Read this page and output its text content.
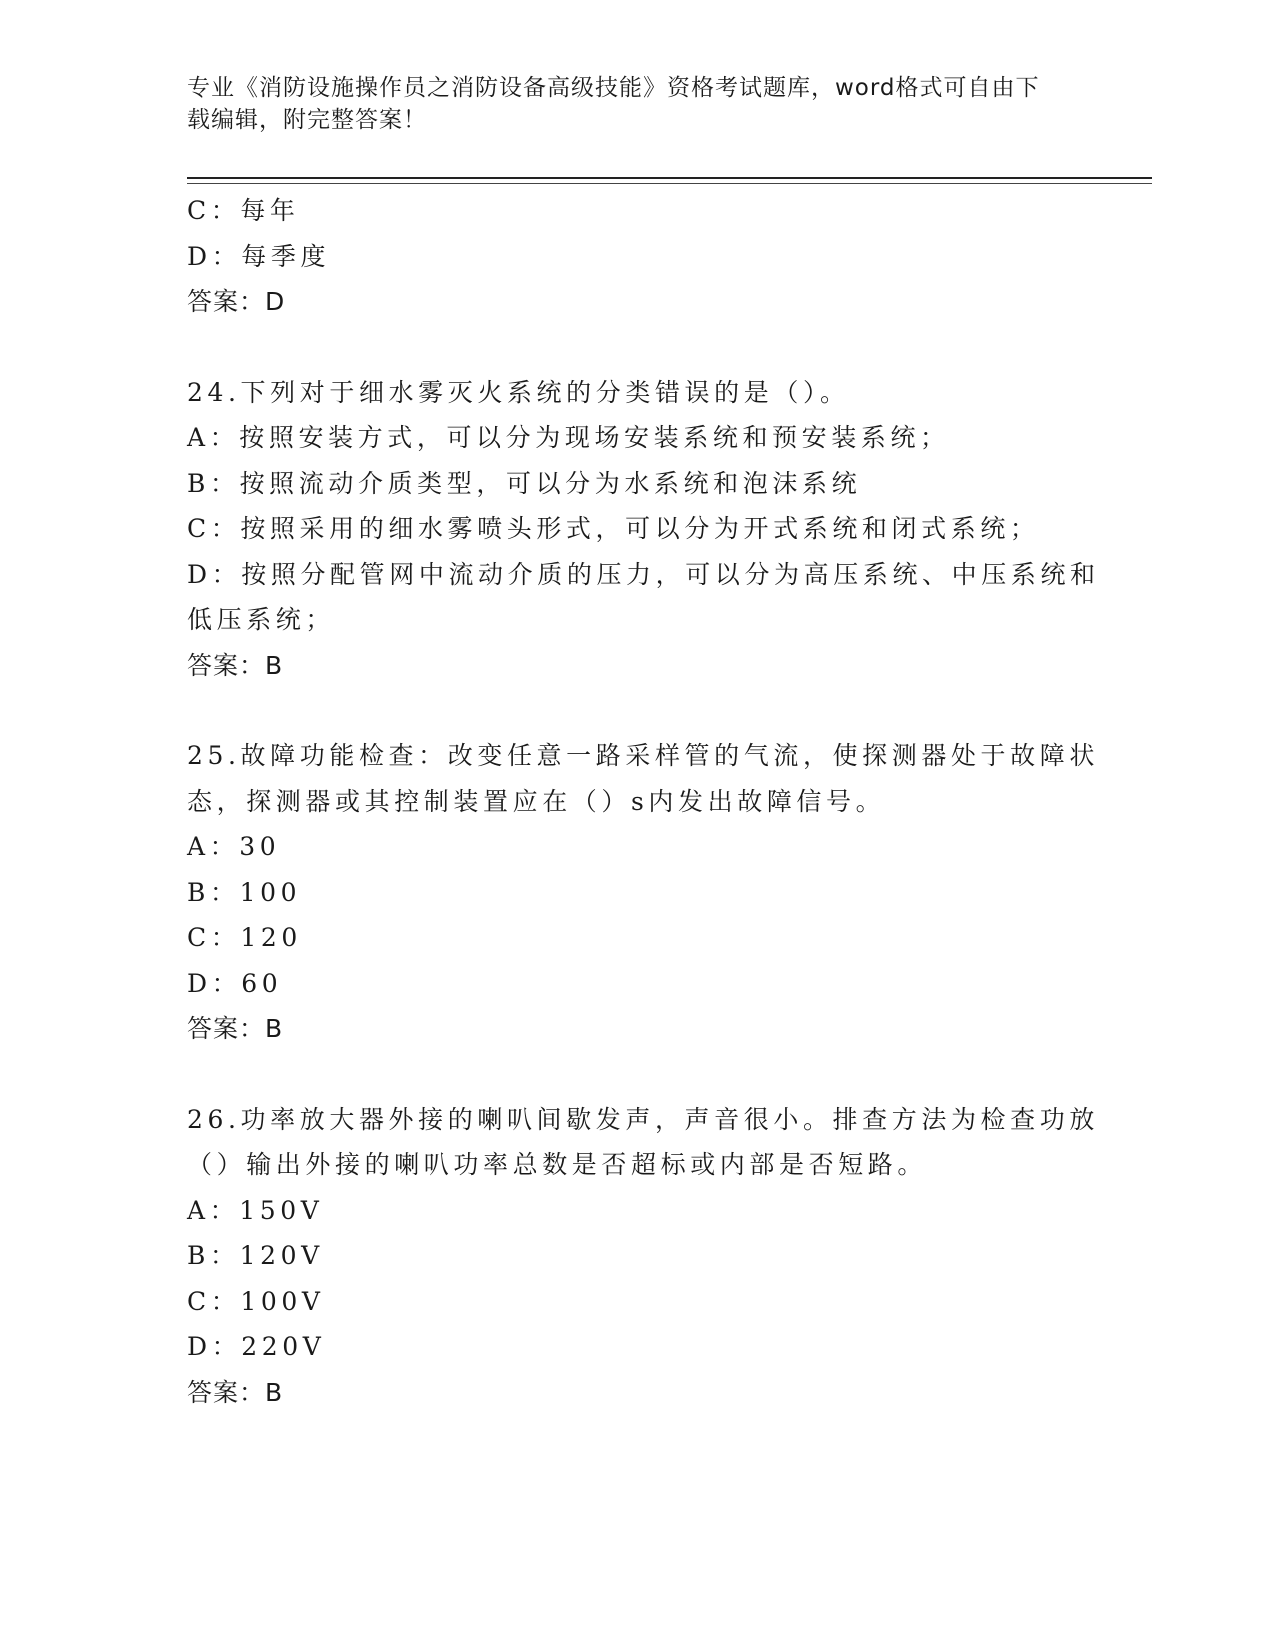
专业《消防设施操作员之消防设备高级技能》资格考试题库，word格式可自由下
载编辑，附完整答案！
C：每年
D：每季度
答案：D
24.下列对于细水雾灭火系统的分类错误的是（）。
A：按照安装方式，可以分为现场安装系统和预安装系统；
B：按照流动介质类型，可以分为水系统和泡沫系统
C：按照采用的细水雾喷头形式，可以分为开式系统和闭式系统；
D：按照分配管网中流动介质的压力，可以分为高压系统、中压系统和
低压系统；
答案：B
25.故障功能检查：改变任意一路采样管的气流，使探测器处于故障状
态，探测器或其控制装置应在（）s内发出故障信号。
A：30
B：100
C：120
D：60
答案：B
26.功率放大器外接的喇叭间歇发声，声音很小。排查方法为检查功放
（）输出外接的喇叭功率总数是否超标或内部是否短路。
A：150V
B：120V
C：100V
D：220V
答案：B
